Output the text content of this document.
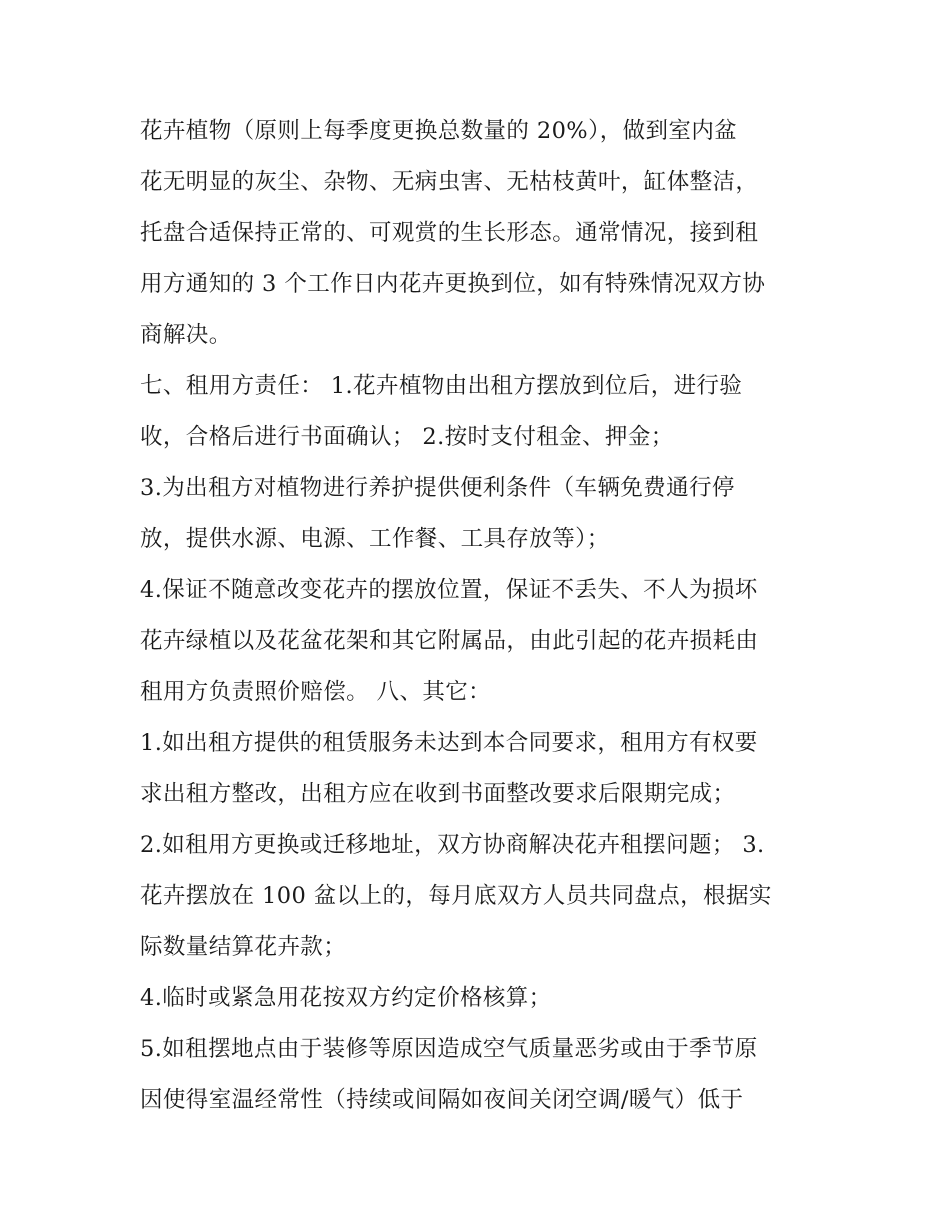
花卉植物（原则上每季度更换总数量的 20%），做到室内盆
花无明显的灰尘、杂物、无病虫害、无枯枝黄叶，缸体整洁，
托盘合适保持正常的、可观赏的生长形态。通常情况，接到租
用方通知的 3 个工作日内花卉更换到位，如有特殊情况双方协
商解决。
七、租用方责任： 1.花卉植物由出租方摆放到位后，进行验
收，合格后进行书面确认； 2.按时支付租金、押金；
3.为出租方对植物进行养护提供便利条件（车辆免费通行停
放，提供水源、电源、工作餐、工具存放等）；
4.保证不随意改变花卉的摆放位置，保证不丢失、不人为损坏
花卉绿植以及花盆花架和其它附属品，由此引起的花卉损耗由
租用方负责照价赔偿。 八、其它：
1.如出租方提供的租赁服务未达到本合同要求，租用方有权要
求出租方整改，出租方应在收到书面整改要求后限期完成；
2.如租用方更换或迁移地址，双方协商解决花卉租摆问题； 3.
花卉摆放在 100 盆以上的，每月底双方人员共同盘点，根据实
际数量结算花卉款；
4.临时或紧急用花按双方约定价格核算；
5.如租摆地点由于装修等原因造成空气质量恶劣或由于季节原
因使得室温经常性（持续或间隔如夜间关闭空调/暖气）低于
